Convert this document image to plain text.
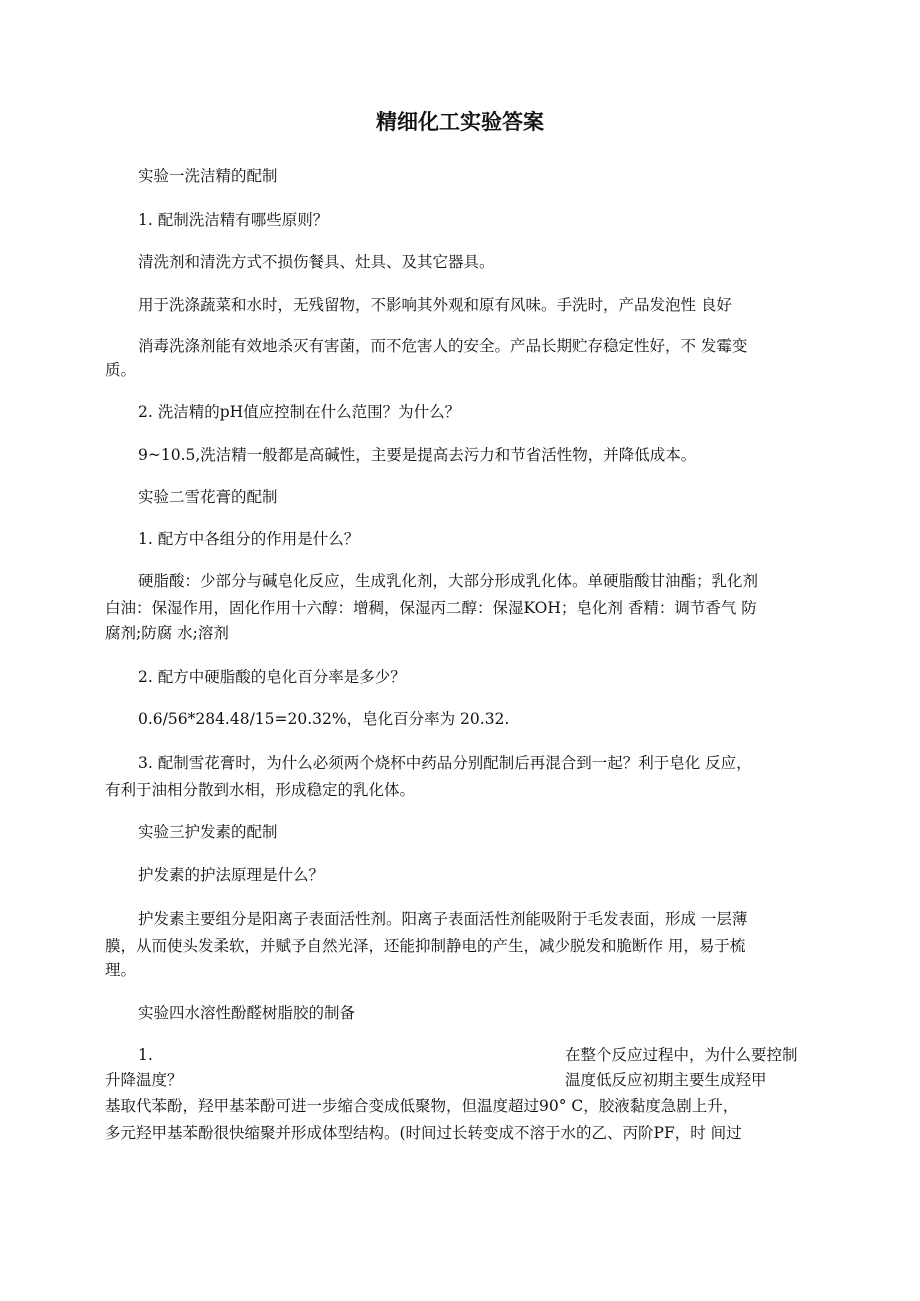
精细化工实验答案
实验一洗洁精的配制
1. 配制洗洁精有哪些原则？
清洗剂和清洗方式不损伤餐具、灶具、及其它器具。
用于洗涤蔬菜和水时，无残留物，不影响其外观和原有风味。手洗时，产品发泡性 良好
消毒洗涤剂能有效地杀灭有害菌，而不危害人的安全。产品长期贮存稳定性好，不 发霉变
质。
2. 洗洁精的pH值应控制在什么范围？为什么？
9~10.5,洗洁精一般都是高碱性，主要是提高去污力和节省活性物，并降低成本。
实验二雪花膏的配制
1. 配方中各组分的作用是什么？
硬脂酸：少部分与碱皂化反应，生成乳化剂，大部分形成乳化体。单硬脂酸甘油酯；乳化剂
白油：保湿作用，固化作用十六醇：增稠，保湿丙二醇：保湿KOH；皂化剂 香精：调节香气 防
腐剂;防腐 水;溶剂
2. 配方中硬脂酸的皂化百分率是多少？
0.6/56*284.48/15=20.32%，皂化百分率为 20.32.
3. 配制雪花膏时，为什么必须两个烧杯中药品分别配制后再混合到一起？利于皂化 反应，
有利于油相分散到水相，形成稳定的乳化体。
实验三护发素的配制
护发素的护法原理是什么？
护发素主要组分是阳离子表面活性剂。阳离子表面活性剂能吸附于毛发表面，形成 一层薄
膜，从而使头发柔软，并赋予自然光泽，还能抑制静电的产生，减少脱发和脆断作 用，易于梳
理。
实验四水溶性酚醛树脂胶的制备
1.	在整个反应过程中，为什么要控制
升降温度？	温度低反应初期主要生成羟甲
基取代苯酚，羟甲基苯酚可进一步缩合变成低聚物，但温度超过90° C，胶液黏度急剧上升，
多元羟甲基苯酚很快缩聚并形成体型结构。(时间过长转变成不溶于水的乙、丙阶PF，时 间过
